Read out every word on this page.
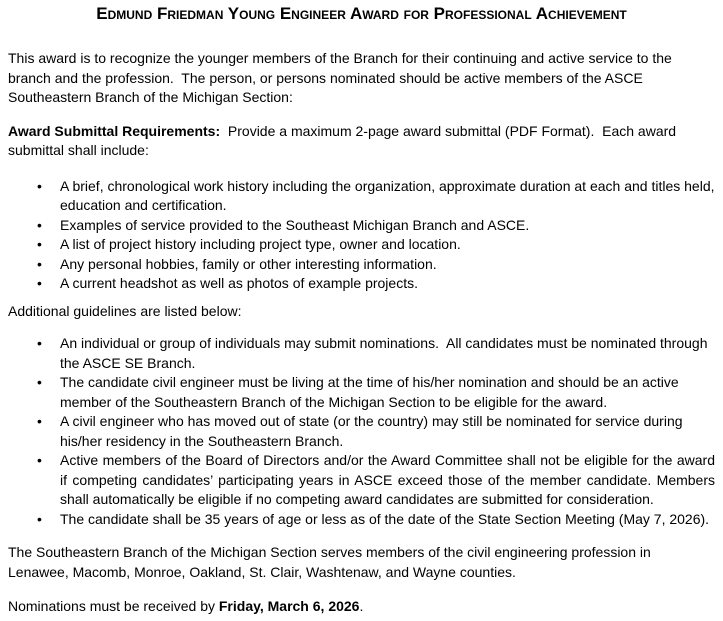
Edmund Friedman Young Engineer Award for Professional Achievement

This award is to recognize the younger members of the Branch for their continuing and active service to the branch and the profession.  The person, or persons nominated should be active members of the ASCE Southeastern Branch of the Michigan Section:

Award Submittal Requirements:  Provide a maximum 2-page award submittal (PDF Format).  Each award submittal shall include:

• A brief, chronological work history including the organization, approximate duration at each and titles held, education and certification.
• Examples of service provided to the Southeast Michigan Branch and ASCE.
• A list of project history including project type, owner and location.
• Any personal hobbies, family or other interesting information.
• A current headshot as well as photos of example projects.

Additional guidelines are listed below:

• An individual or group of individuals may submit nominations.  All candidates must be nominated through the ASCE SE Branch.
• The candidate civil engineer must be living at the time of his/her nomination and should be an active member of the Southeastern Branch of the Michigan Section to be eligible for the award.
• A civil engineer who has moved out of state (or the country) may still be nominated for service during his/her residency in the Southeastern Branch.
• Active members of the Board of Directors and/or the Award Committee shall not be eligible for the award if competing candidates’ participating years in ASCE exceed those of the member candidate. Members shall automatically be eligible if no competing award candidates are submitted for consideration.
• The candidate shall be 35 years of age or less as of the date of the State Section Meeting (May 7, 2026).

The Southeastern Branch of the Michigan Section serves members of the civil engineering profession in Lenawee, Macomb, Monroe, Oakland, St. Clair, Washtenaw, and Wayne counties.

Nominations must be received by Friday, March 6, 2026.
